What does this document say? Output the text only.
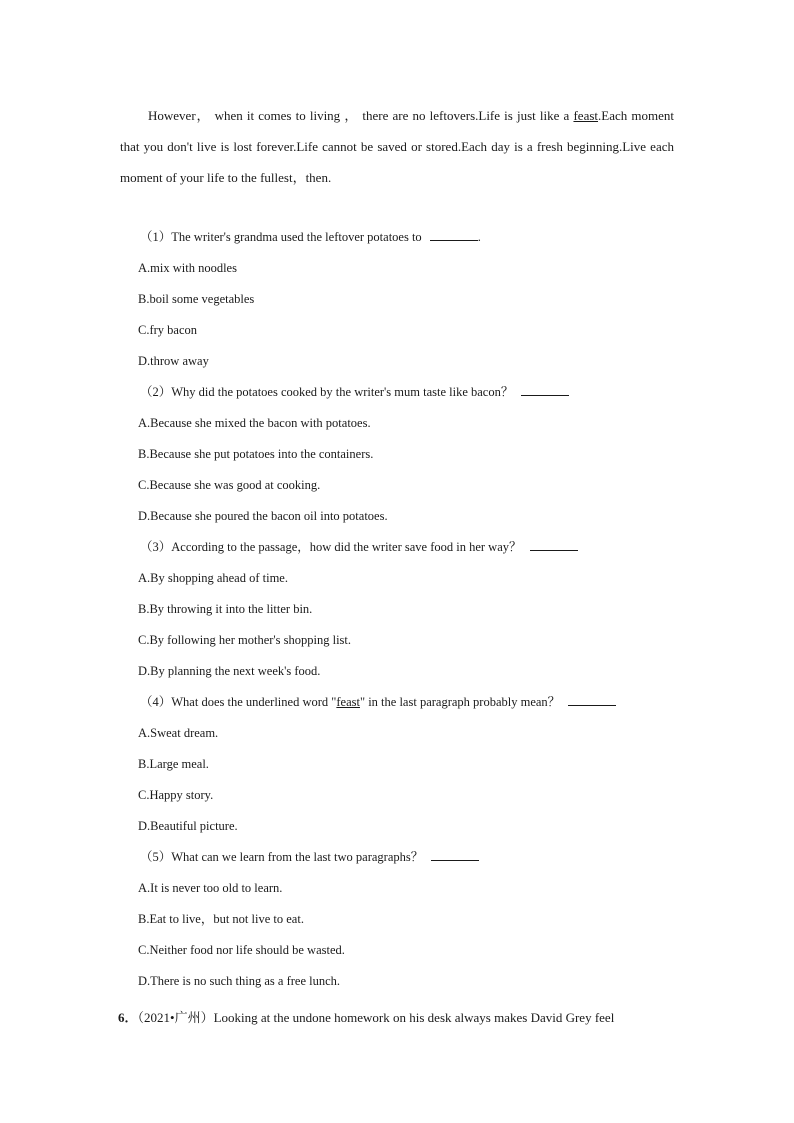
However， when it comes to living ， there are no leftovers.Life is just like a feast.Each moment that you don't live is lost forever.Life cannot be saved or stored.Each day is a fresh beginning.Live each moment of your life to the fullest，then.

（1）The writer's grandma used the leftover potatoes to	.
A.mix with noodles
B.boil some vegetables
C.fry bacon
D.throw away
（2）Why did the potatoes cooked by the writer's mum taste like bacon？
A.Because she mixed the bacon with potatoes.
B.Because she put potatoes into the containers.
C.Because she was good at cooking.
D.Because she poured the bacon oil into potatoes.
（3）According to the passage，how did the writer save food in her way？
A.By shopping ahead of time.
B.By throwing it into the litter bin.
C.By following her mother's shopping list.
D.By planning the next week's food.
（4）What does the underlined word "feast" in the last paragraph probably mean？
A.Sweat dream.
B.Large meal.
C.Happy story.
D.Beautiful picture.
（5）What can we learn from the last two paragraphs？
A.It is never too old to learn.
B.Eat to live，but not live to eat.
C.Neither food nor life should be wasted.
D.There is no such thing as a free lunch.

6．（2021•广州）Looking at the undone homework on his desk always makes David Grey feel
